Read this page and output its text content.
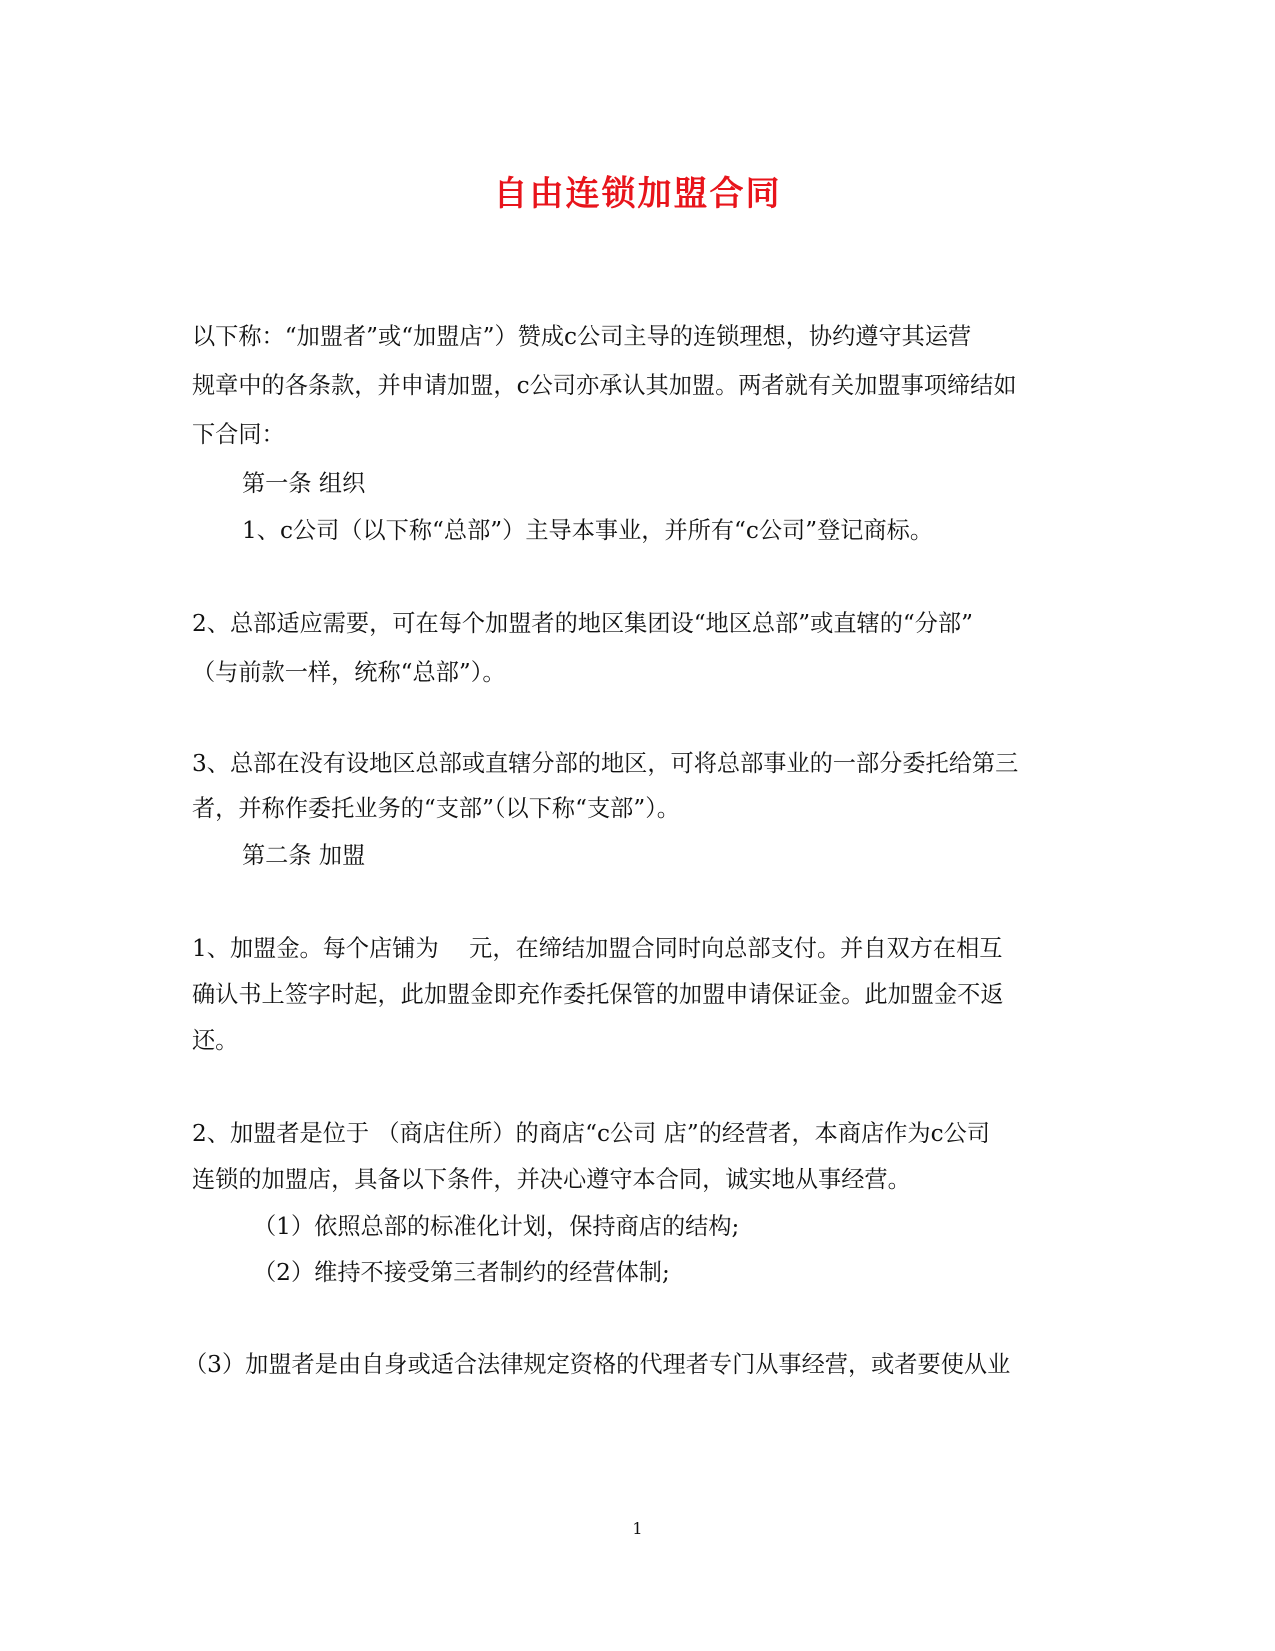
自由连锁加盟合同
以下称：“加盟者”或“加盟店”）赞成c公司主导的连锁理想，协约遵守其运营
规章中的各条款，并申请加盟，c公司亦承认其加盟。两者就有关加盟事项缔结如
下合同：
第一条 组织
1、c公司（以下称“总部”）主导本事业，并所有“c公司”登记商标。
2、总部适应需要，可在每个加盟者的地区集团设“地区总部”或直辖的“分部”
（与前款一样，统称“总部”）。
3、总部在没有设地区总部或直辖分部的地区，可将总部事业的一部分委托给第三
者，并称作委托业务的“支部”（以下称“支部”）。
第二条 加盟
1、加盟金。每个店铺为　 元，在缔结加盟合同时向总部支付。并自双方在相互
确认书上签字时起，此加盟金即充作委托保管的加盟申请保证金。此加盟金不返
还。
2、加盟者是位于 （商店住所）的商店“c公司 店”的经营者，本商店作为c公司
连锁的加盟店，具备以下条件，并决心遵守本合同，诚实地从事经营。
（1）依照总部的标准化计划，保持商店的结构;
（2）维持不接受第三者制约的经营体制;
（3）加盟者是由自身或适合法律规定资格的代理者专门从事经营，或者要使从业
1
